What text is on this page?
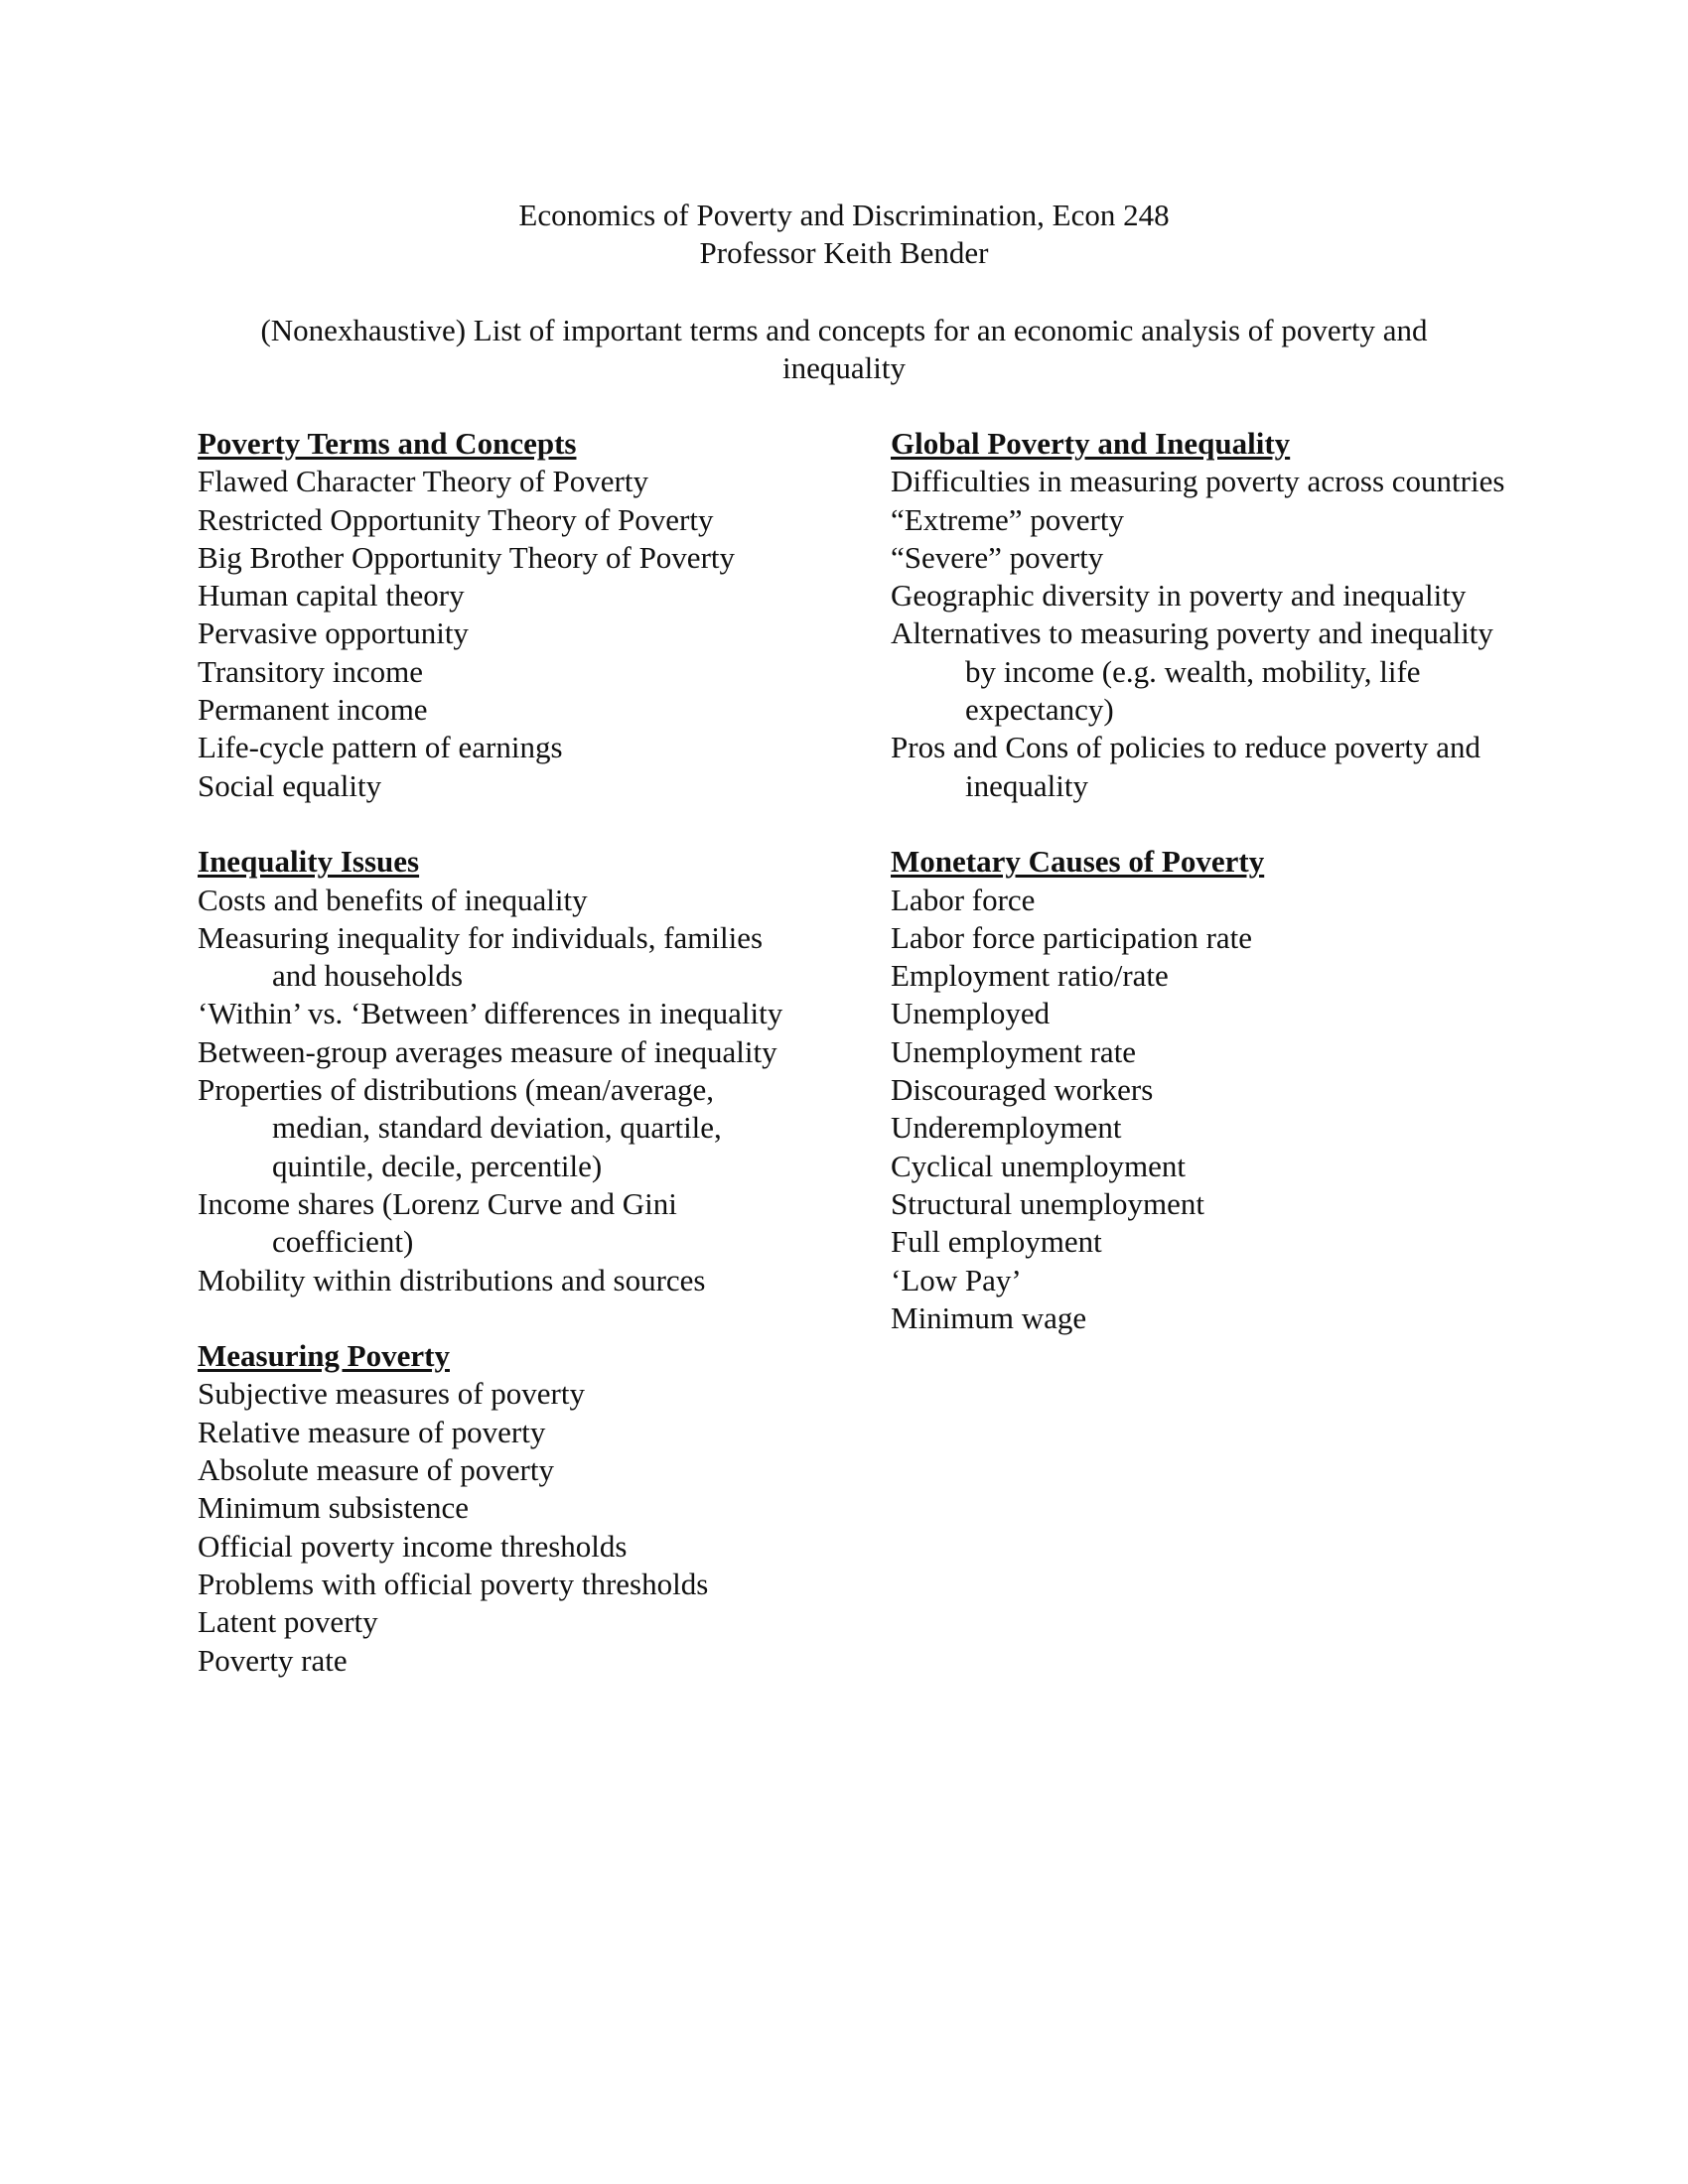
Economics of Poverty and Discrimination, Econ 248
Professor Keith Bender
(Nonexhaustive) List of important terms and concepts for an economic analysis of poverty and inequality
Poverty Terms and Concepts
Flawed Character Theory of Poverty
Restricted Opportunity Theory of Poverty
Big Brother Opportunity Theory of Poverty
Human capital theory
Pervasive opportunity
Transitory income
Permanent income
Life-cycle pattern of earnings
Social equality
Inequality Issues
Costs and benefits of inequality
Measuring inequality for individuals, families and households
‘Within’ vs. ‘Between’ differences in inequality
Between-group averages measure of inequality
Properties of distributions (mean/average, median, standard deviation, quartile, quintile, decile, percentile)
Income shares (Lorenz Curve and Gini coefficient)
Mobility within distributions and sources
Measuring Poverty
Subjective measures of poverty
Relative measure of poverty
Absolute measure of poverty
Minimum subsistence
Official poverty income thresholds
Problems with official poverty thresholds
Latent poverty
Poverty rate
Global Poverty and Inequality
Difficulties in measuring poverty across countries
“Extreme” poverty
“Severe” poverty
Geographic diversity in poverty and inequality
Alternatives to measuring poverty and inequality by income (e.g. wealth, mobility, life expectancy)
Pros and Cons of policies to reduce poverty and inequality
Monetary Causes of Poverty
Labor force
Labor force participation rate
Employment ratio/rate
Unemployed
Unemployment rate
Discouraged workers
Underemployment
Cyclical unemployment
Structural unemployment
Full employment
‘Low Pay’
Minimum wage
